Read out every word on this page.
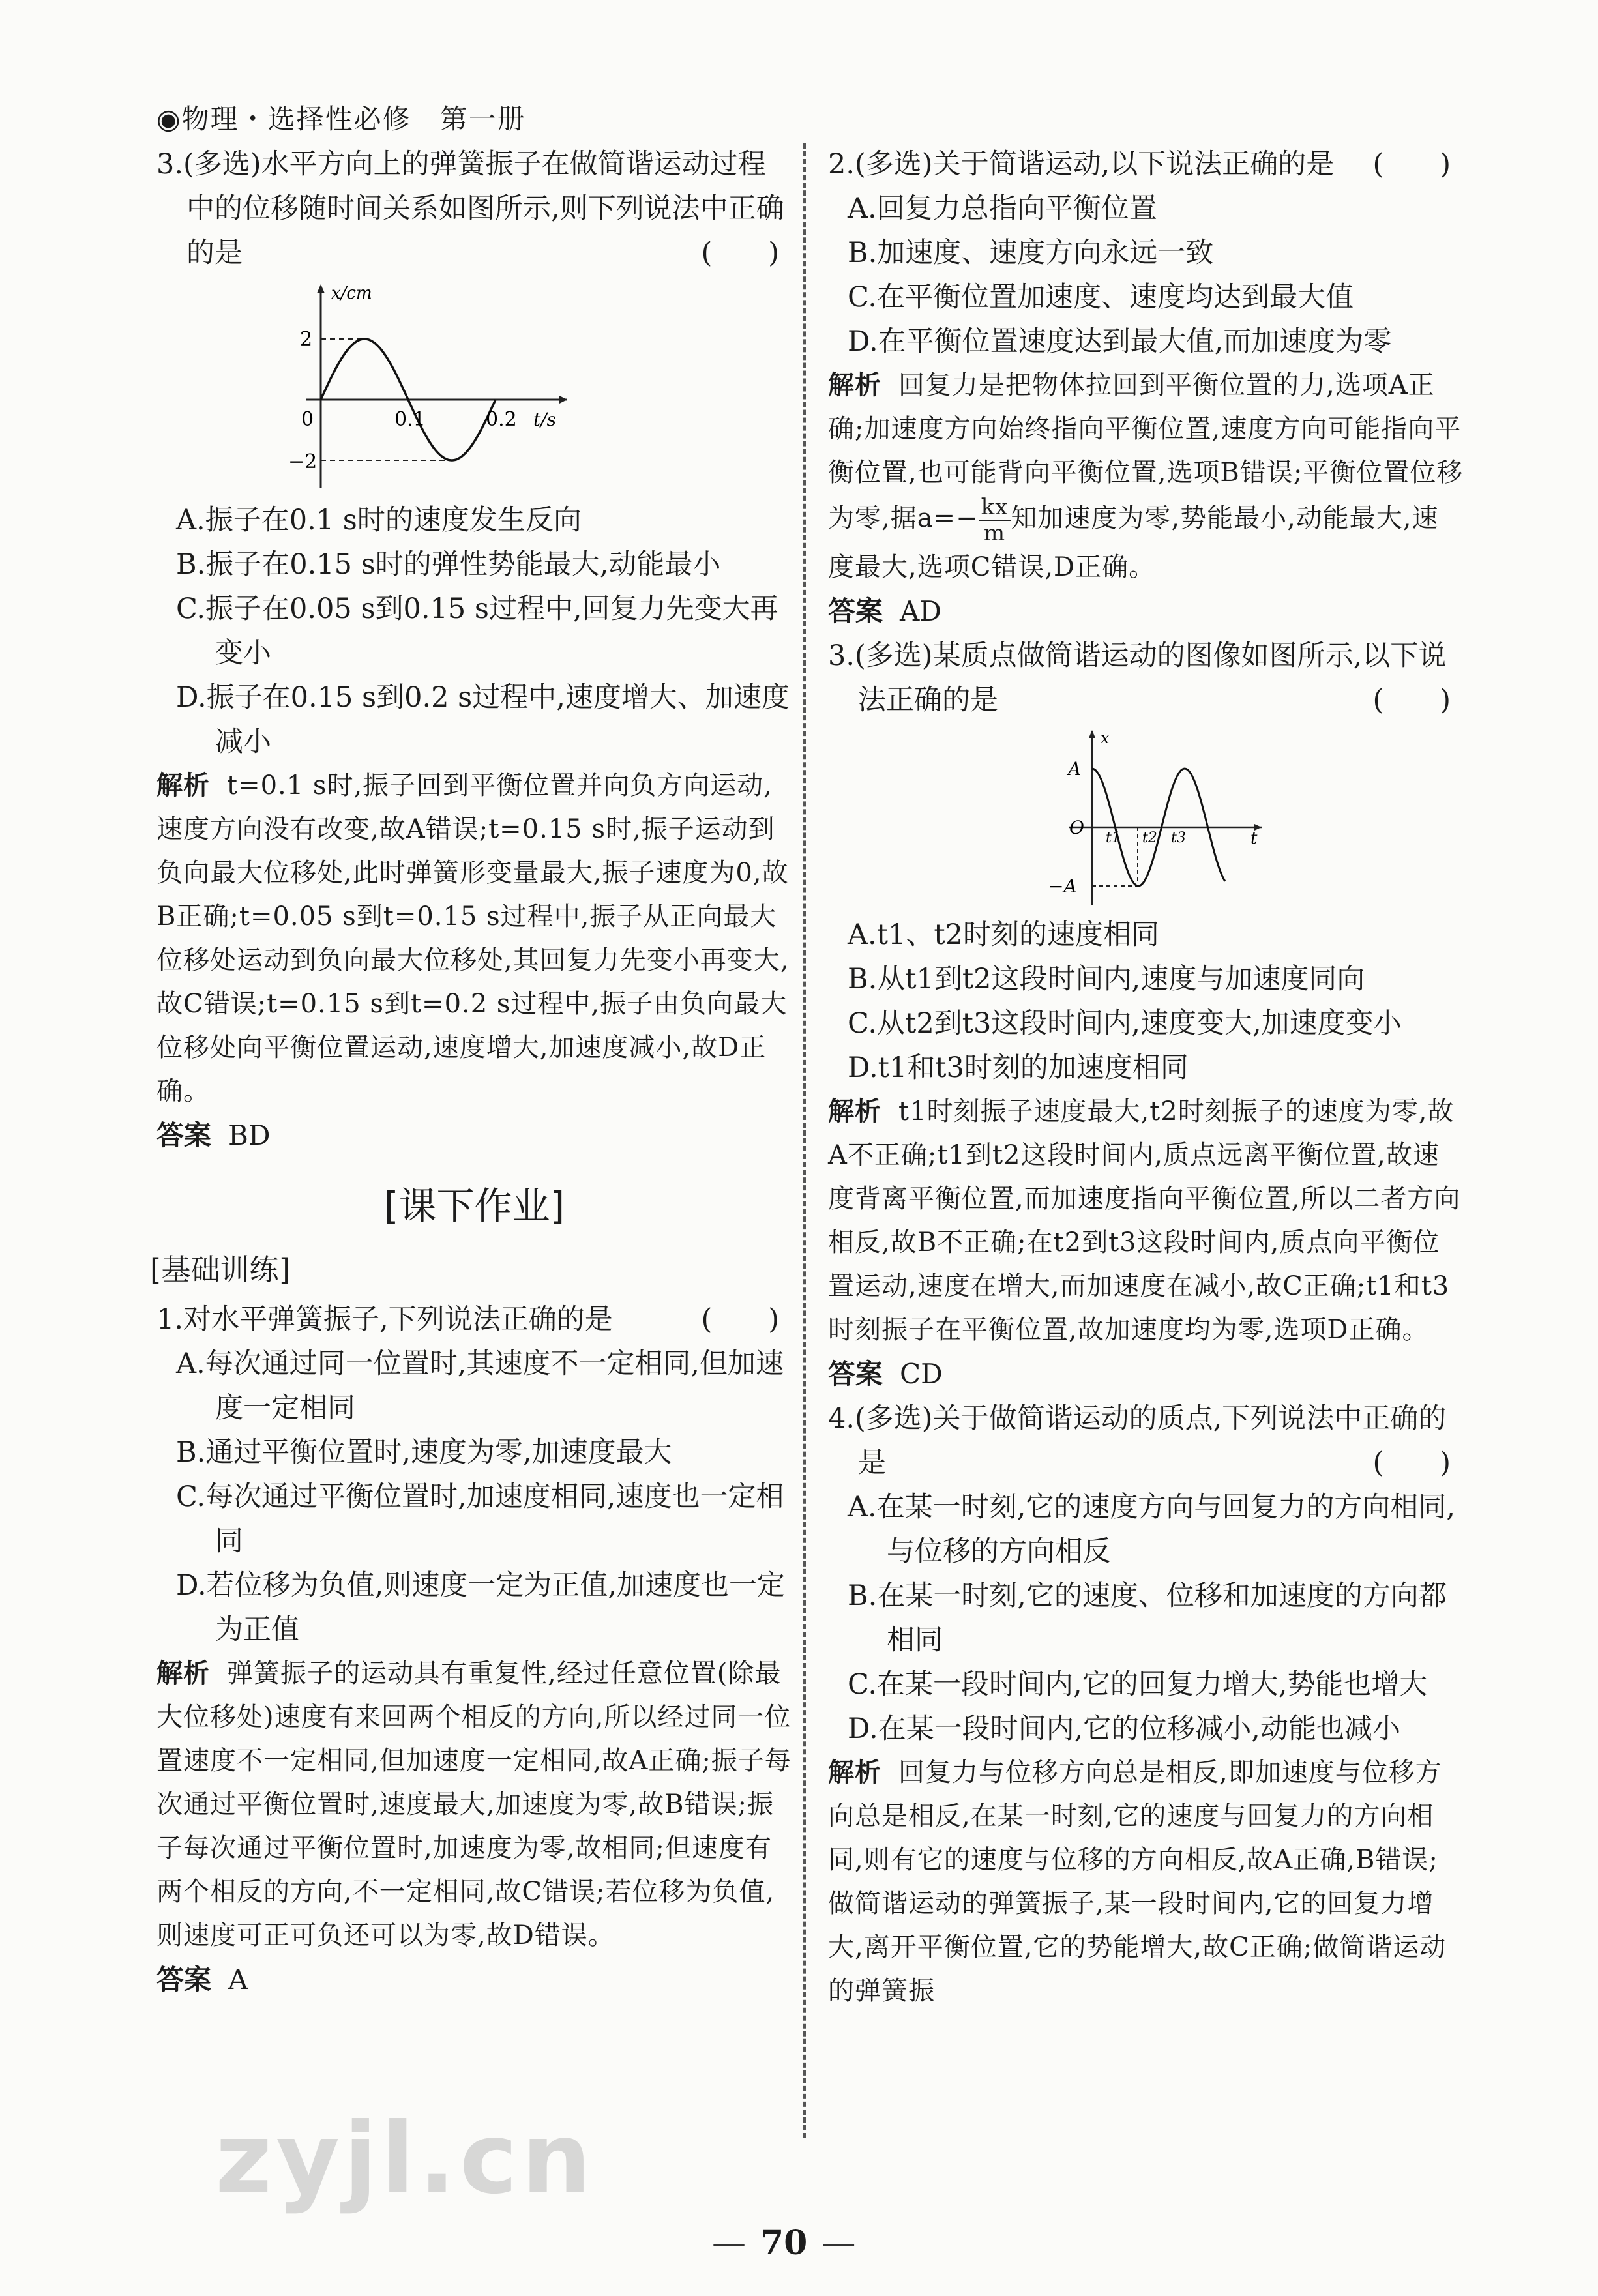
◉物理・选择性必修　第一册

3.(多选)水平方向上的弹簧振子在做简谐运动过程中的位移随时间关系如图所示,则下列说法中正确的是	(　　)

x/cm
2
−2
0	0.1	0.2 t/s

A.振子在0.1 s时的速度发生反向

B.振子在0.15 s时的弹性势能最大,动能最小

C.振子在0.05 s到0.15 s过程中,回复力先变大再变小

D.振子在0.15 s到0.2 s过程中,速度增大、加速度减小

解析 t=0.1 s时,振子回到平衡位置并向负方向运动,速度方向没有改变,故A错误;t=0.15 s时,振子运动到负向最大位移处,此时弹簧形变量最大,振子速度为0,故B正确;t=0.05 s到t=0.15 s过程中,振子从正向最大位移处运动到负向最大位移处,其回复力先变小再变大,故C错误;t=0.15 s到t=0.2 s过程中,振子由负向最大位移处向平衡位置运动,速度增大,加速度减小,故D正确。

答案 BD

[课下作业]
[基础训练]

1.对水平弹簧振子,下列说法正确的是	(　　)

A.每次通过同一位置时,其速度不一定相同,但加速度一定相同

B.通过平衡位置时,速度为零,加速度最大

C.每次通过平衡位置时,加速度相同,速度也一定相同

D.若位移为负值,则速度一定为正值,加速度也一定为正值

解析 弹簧振子的运动具有重复性,经过任意位置(除最大位移处)速度有来回两个相反的方向,所以经过同一位置速度不一定相同,但加速度一定相同,故A正确;振子每次通过平衡位置时,速度最大,加速度为零,故B错误;振子每次通过平衡位置时,加速度为零,故相同;但速度有两个相反的方向,不一定相同,故C错误;若位移为负值,则速度可正可负还可以为零,故D错误。

答案 A

2.(多选)关于简谐运动,以下说法正确的是 (　　)

A.回复力总指向平衡位置

B.加速度、速度方向永远一致

C.在平衡位置加速度、速度均达到最大值

D.在平衡位置速度达到最大值,而加速度为零

解析 回复力是把物体拉回到平衡位置的力,选项A正确;加速度方向始终指向平衡位置,速度方向可能指向平衡位置,也可能背向平衡位置,选项B错误;平衡位置位移为零,据$a=- \frac{kx}{m}$ 知加速度为零,势能最小,动能最大,速度最大,选项C错误,D正确。

答案 AD

3.(多选)某质点做简谐运动的图像如图所示,以下说法正确的是	(　　)

x
A
O
−A
t1 t2 t3	t

A.t1、t2时刻的速度相同

B.从t1到t2这段时间内,速度与加速度同向

C.从t2到t3这段时间内,速度变大,加速度变小

D.t1和t3时刻的加速度相同

解析 t1时刻振子速度最大,t2时刻振子的速度为零,故A不正确;t1到t2这段时间内,质点远离平衡位置,故速度背离平衡位置,而加速度指向平衡位置,所以二者方向相反,故B不正确;在t2到t3这段时间内,质点向平衡位置运动,速度在增大,而加速度在减小,故C正确;t1和t3时刻振子在平衡位置,故加速度均为零,选项D正确。

答案 CD

4.(多选)关于做简谐运动的质点,下列说法中正确的是	(　　)

A.在某一时刻,它的速度方向与回复力的方向相同,与位移的方向相反

B.在某一时刻,它的速度、位移和加速度的方向都相同

C.在某一段时间内,它的回复力增大,势能也增大

D.在某一段时间内,它的位移减小,动能也减小

解析 回复力与位移方向总是相反,即加速度与位移方向总是相反,在某一时刻,它的速度与回复力的方向相同,则有它的速度与位移的方向相反,故A正确,B错误;做简谐运动的弹簧振子,某一段时间内,它的回复力增大,离开平衡位置,它的势能增大,故C正确;做简谐运动的弹簧振

zyjl.cn
— 70 —
